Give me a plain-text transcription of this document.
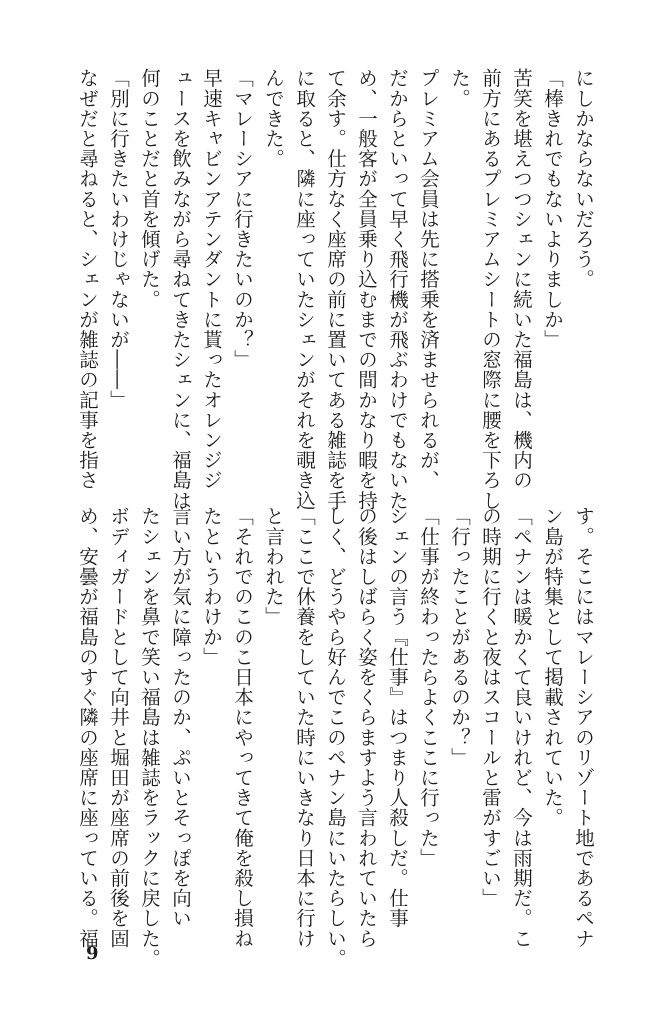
にしかならないだろう。
「棒きれでもないよりましか」
苦笑を堪えつつシェンに続いた福島は、機内の
前方にあるプレミアムシートの窓際に腰を下ろし
た。
プレミアム会員は先に搭乗を済ませられるが、
だからといって早く飛行機が飛ぶわけでもないた
め、一般客が全員乗り込むまでの間かなり暇を持
て余す。仕方なく座席の前に置いてある雑誌を手
に取ると、隣に座っていたシェンがそれを覗き込
んできた。
「マレーシアに行きたいのか？」
早速キャビンアテンダントに貰ったオレンジジ
ュースを飲みながら尋ねてきたシェンに、福島は
何のことだと首を傾げた。
「別に行きたいわけじゃないが――」
なぜだと尋ねると、シェンが雑誌の記事を指さ
す。そこにはマレーシアのリゾート地であるペナ
ン島が特集として掲載されていた。
「ペナンは暖かくて良いけれど、今は雨期だ。こ
の時期に行くと夜はスコールと雷がすごい」
「行ったことがあるのか？」
「仕事が終わったらよくここに行った」
シェンの言う『仕事』はつまり人殺しだ。仕事
の後はしばらく姿をくらますよう言われていたら
しく、どうやら好んでこのペナン島にいたらしい。
「ここで休養をしていた時にいきなり日本に行け
と言われた」
「それでのこのこ日本にやってきて俺を殺し損ね
たというわけか」
言い方が気に障ったのか、ぷいとそっぽを向い
たシェンを鼻で笑い福島は雑誌をラックに戻した。
ボディガードとして向井と堀田が座席の前後を固
め、安曇が福島のすぐ隣の座席に座っている。福
9
